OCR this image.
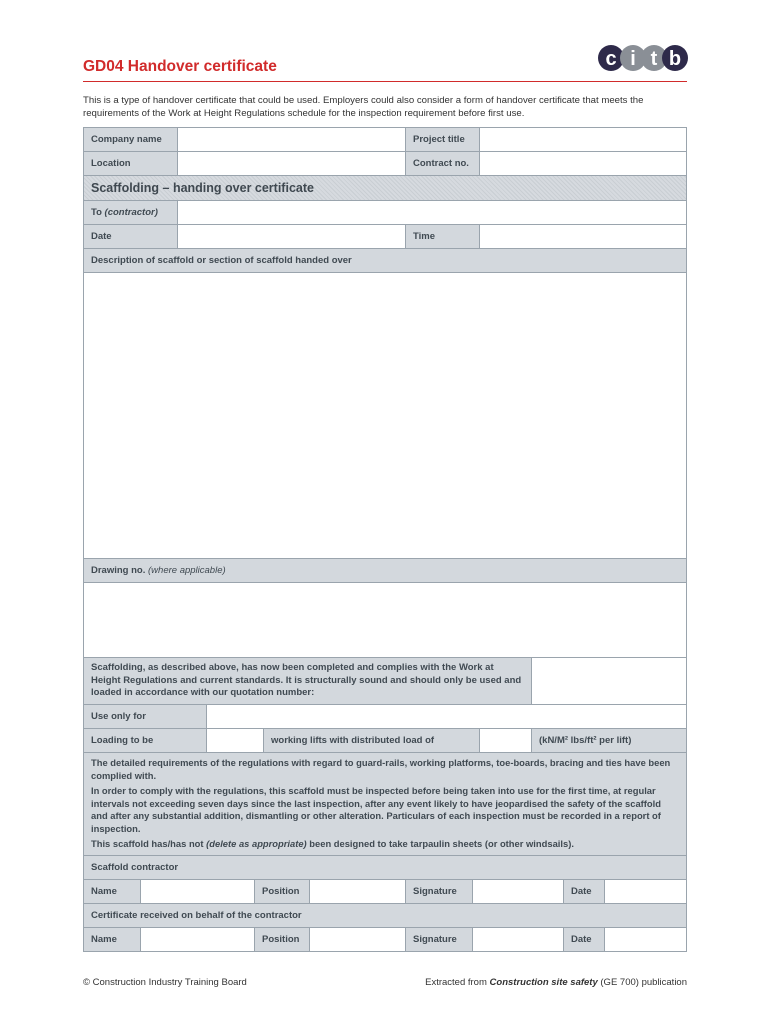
GD04 Handover certificate	c i t b
This is a type of handover certificate that could be used. Employers could also consider a form of handover certificate that meets the requirements of the Work at Height Regulations schedule for the inspection requirement before first use.
Company name	Project title
Location	Contract no.
Scaffolding – handing over certificate
To
(contractor)
Date	Time
Description of scaffold or section of scaffold handed over
Drawing no.
(where applicable)
Scaffolding, as described above, has now been completed and complies with the Work at Height Regulations and current standards. It is structurally sound and should only be used and loaded in accordance with our quotation number:
Use only for
Loading to be	working lifts with distributed load of	(kN/M² lbs/ft² per lift)

The detailed requirements of the regulations with regard to guard-rails, working platforms, toe-boards, bracing and ties have been complied with.

In order to comply with the regulations, this scaffold must be inspected before being taken into use for the first time, at regular intervals not exceeding seven days since the last inspection, after any event likely to have jeopardised the safety of the scaffold and after any substantial addition, dismantling or other alteration. Particulars of each inspection must be recorded in a report of inspection.

This scaffold has/has not (delete as appropriate) been designed to take tarpaulin sheets (or other windsails).

Scaffold contractor
Name	Position	Signature	Date
Certificate received on behalf of the contractor
Name	Position	Signature	Date
© Construction Industry Training Board	Extracted from Construction site safety (GE 700) publication
